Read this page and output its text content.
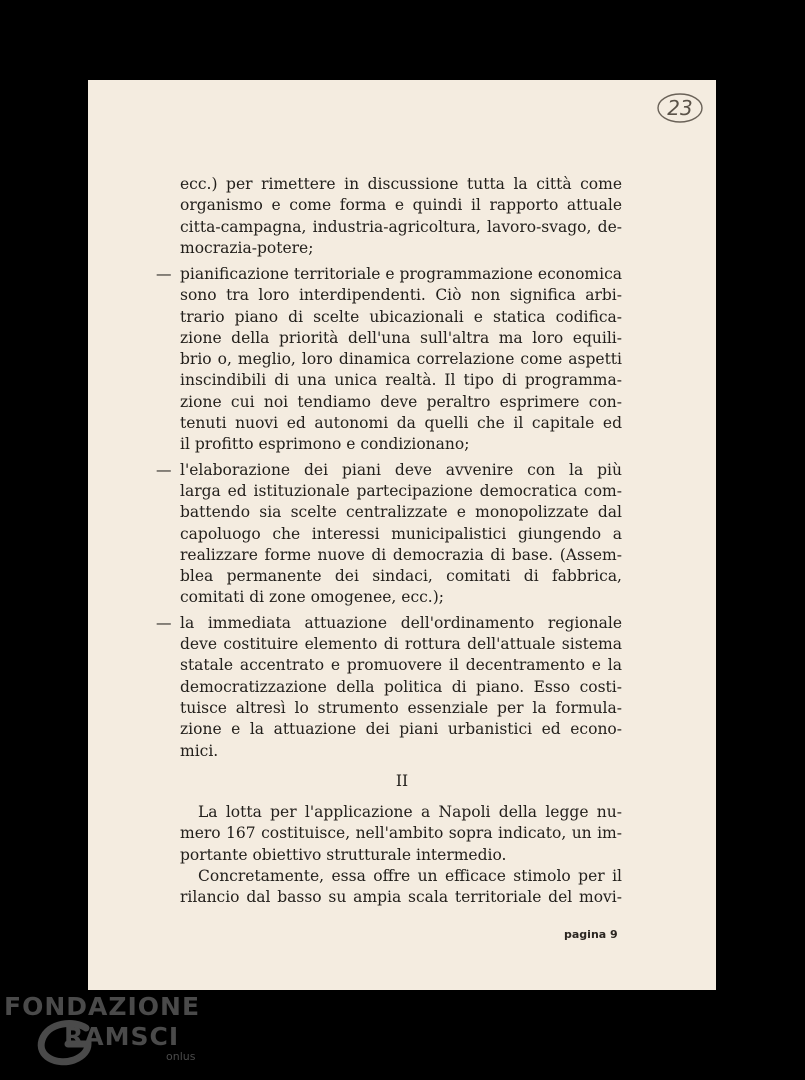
23
ecc.) per rimettere in discussione tutta la città come
organismo e come forma e quindi il rapporto attuale
citta-campagna, industria-agricoltura, lavoro-svago, de-
mocrazia-potere;
— pianificazione territoriale e programmazione economica
sono tra loro interdipendenti. Ciò non significa arbi-
trario piano di scelte ubicazionali e statica codifica-
zione della priorità dell'una sull'altra ma loro equili-
brio o, meglio, loro dinamica correlazione come aspetti
inscindibili di una unica realtà. Il tipo di programma-
zione cui noi tendiamo deve peraltro esprimere con-
tenuti nuovi ed autonomi da quelli che il capitale ed
il profitto esprimono e condizionano;
— l'elaborazione dei piani deve avvenire con la più
larga ed istituzionale partecipazione democratica com-
battendo sia scelte centralizzate e monopolizzate dal
capoluogo che interessi municipalistici giungendo a
realizzare forme nuove di democrazia di base. (Assem-
blea permanente dei sindaci, comitati di fabbrica,
comitati di zone omogenee, ecc.);
— la immediata attuazione dell'ordinamento regionale
deve costituire elemento di rottura dell'attuale sistema
statale accentrato e promuovere il decentramento e la
democratizzazione della politica di piano. Esso costi-
tuisce altresì lo strumento essenziale per la formula-
zione e la attuazione dei piani urbanistici ed econo-
mici.
II
La lotta per l'applicazione a Napoli della legge nu-
mero 167 costituisce, nell'ambito sopra indicato, un im-
portante obiettivo strutturale intermedio.
Concretamente, essa offre un efficace stimolo per il
rilancio dal basso su ampia scala territoriale del movi-
pagina 9
FONDAZIONE
RAMSCI
onlus
